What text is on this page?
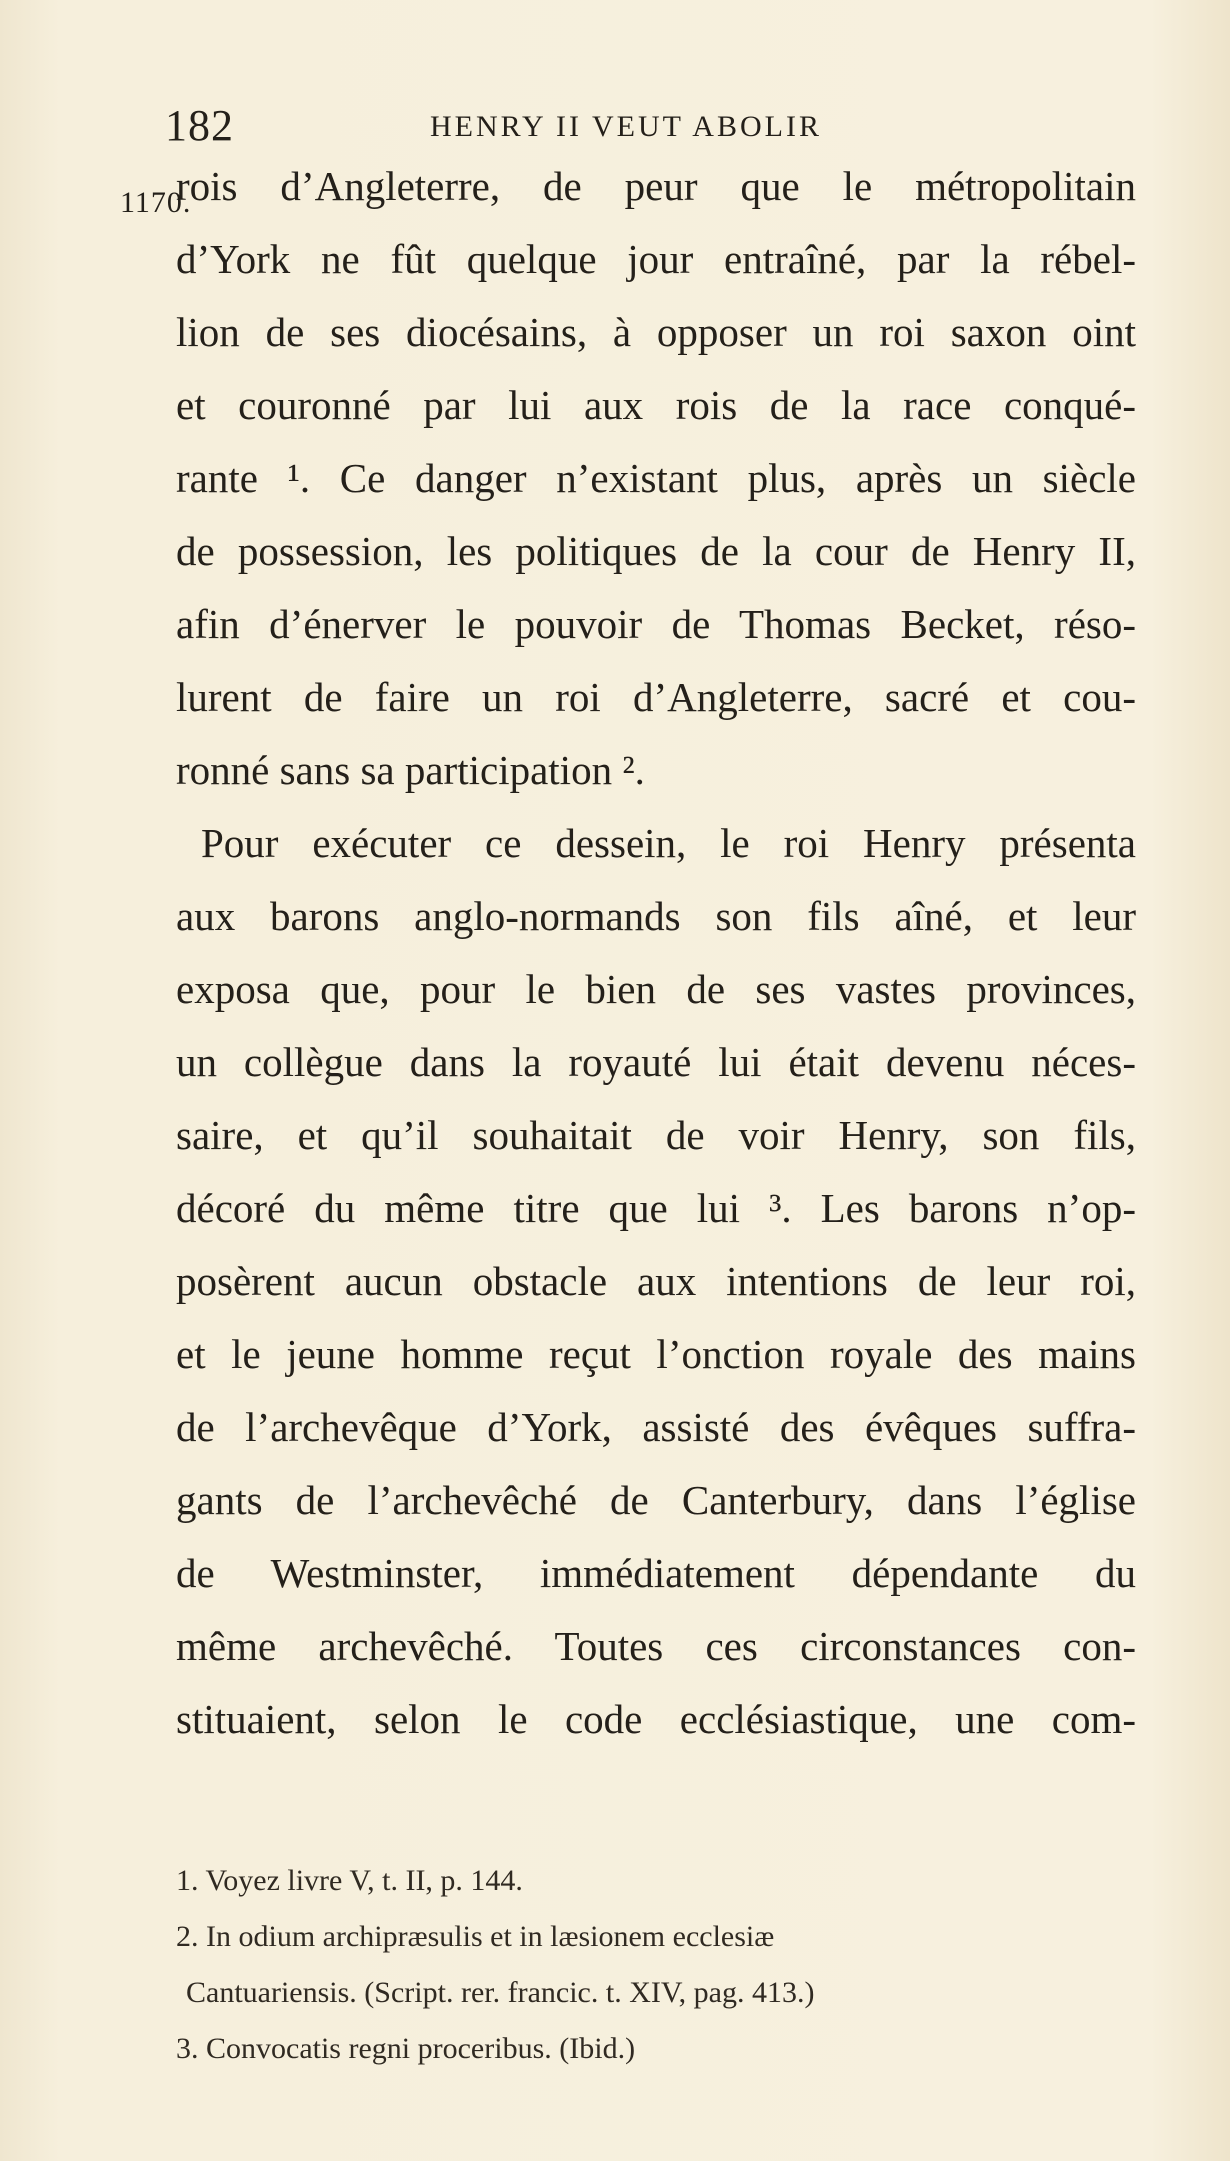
182	HENRY II VEUT ABOLIR
1170.
rois d’Angleterre, de peur que le métropolitain
d’York ne fût quelque jour entraîné, par la rébel-
lion de ses diocésains, à opposer un roi saxon oint
et couronné par lui aux rois de la race conqué-
rante ¹. Ce danger n’existant plus, après un siècle
de possession, les politiques de la cour de Henry II,
afin d’énerver le pouvoir de Thomas Becket, réso-
lurent de faire un roi d’Angleterre, sacré et cou-
ronné sans sa participation ².
Pour exécuter ce dessein, le roi Henry présenta
aux barons anglo-normands son fils aîné, et leur
exposa que, pour le bien de ses vastes provinces,
un collègue dans la royauté lui était devenu néces-
saire, et qu’il souhaitait de voir Henry, son fils,
décoré du même titre que lui ³. Les barons n’op-
posèrent aucun obstacle aux intentions de leur roi,
et le jeune homme reçut l’onction royale des mains
de l’archevêque d’York, assisté des évêques suffra-
gants de l’archevêché de Canterbury, dans l’église
de Westminster, immédiatement dépendante du
même archevêché. Toutes ces circonstances con-
stituaient, selon le code ecclésiastique, une com-
1. Voyez livre V, t. II, p. 144.
2. In odium archipræsulis et in læsionem ecclesiæ
Cantuariensis. (Script. rer. francic. t. XIV, pag. 413.)
3. Convocatis regni proceribus. (Ibid.)
